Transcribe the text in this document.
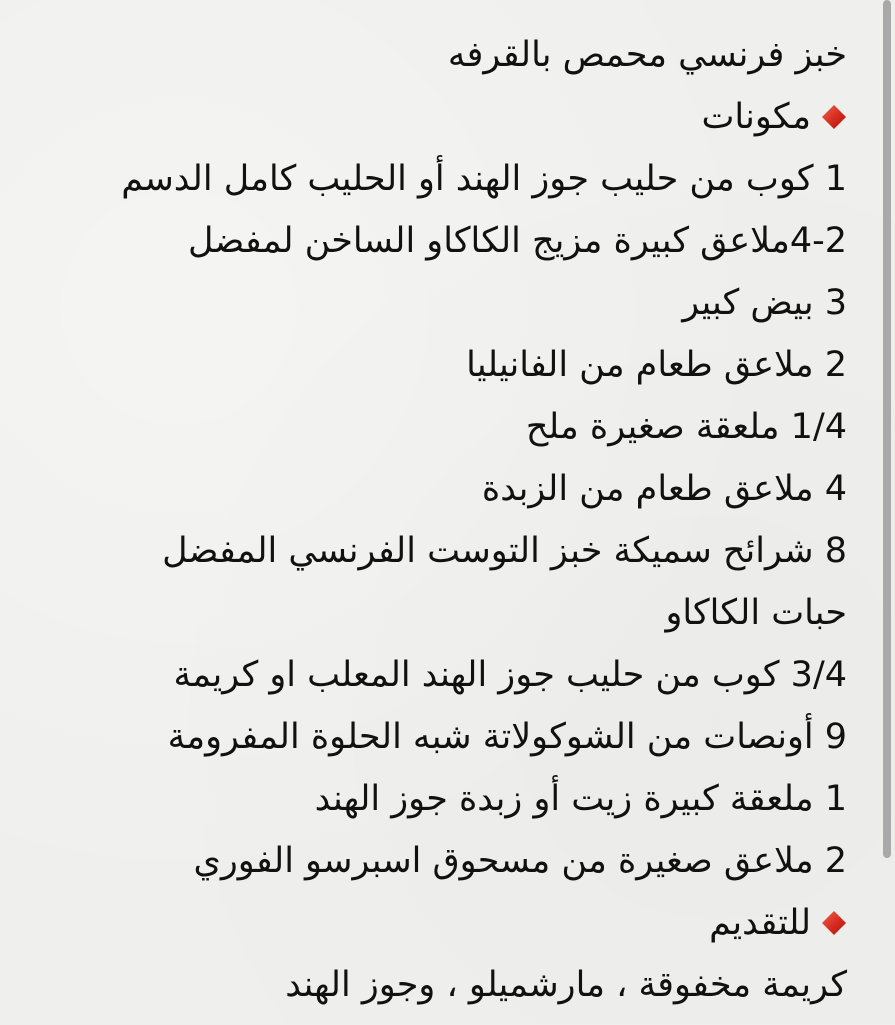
خبز فرنسي محمص بالقرفه
مكونات
1 كوب من حليب جوز الهند أو الحليب كامل الدسم
4-2ملاعق كبيرة مزيج الكاكاو الساخن لمفضل
3 بيض كبير
2 ملاعق طعام من الفانيليا
1/4 ملعقة صغيرة ملح
4 ملاعق طعام من الزبدة
8 شرائح سميكة خبز التوست الفرنسي المفضل
حبات الكاكاو
3/4 كوب من حليب جوز الهند المعلب او كريمة
9 أونصات من الشوكولاتة شبه الحلوة المفرومة
1 ملعقة كبيرة زيت أو زبدة جوز الهند
2 ملاعق صغيرة من مسحوق اسبرسو الفوري
للتقديم
كريمة مخفوقة ، مارشميلو ، وجوز الهند
